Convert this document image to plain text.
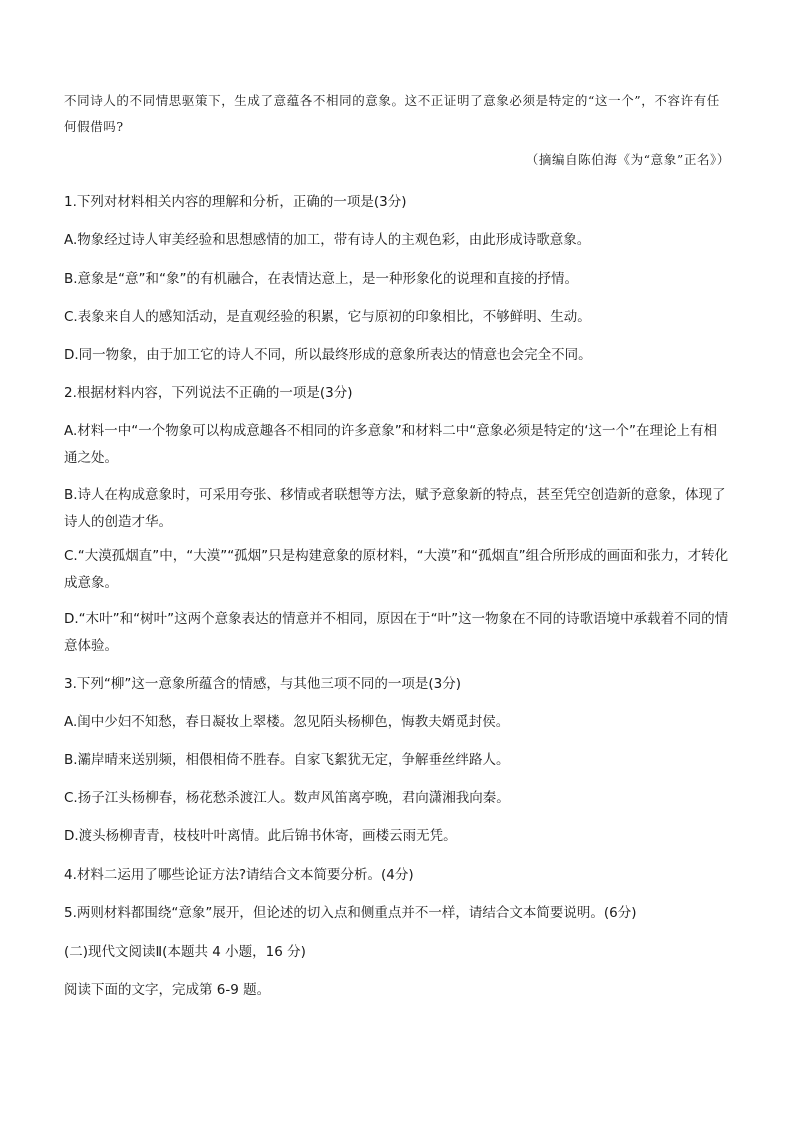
不同诗人的不同情思驱策下，生成了意蕴各不相同的意象。这不正证明了意象必须是特定的“这一个”，不容许有任何假借吗?
（摘编自陈伯海《为“意象”正名》）
1.下列对材料相关内容的理解和分析，正确的一项是(3分)
A.物象经过诗人审美经验和思想感情的加工，带有诗人的主观色彩，由此形成诗歌意象。
B.意象是“意”和“象”的有机融合，在表情达意上，是一种形象化的说理和直接的抒情。
C.表象来自人的感知活动，是直观经验的积累，它与原初的印象相比，不够鲜明、生动。
D.同一物象，由于加工它的诗人不同，所以最终形成的意象所表达的情意也会完全不同。
2.根据材料内容，下列说法不正确的一项是(3分)
A.材料一中“一个物象可以构成意趣各不相同的许多意象”和材料二中“意象必须是特定的‘这一个”在理论上有相通之处。
B.诗人在构成意象时，可采用夸张、移情或者联想等方法，赋予意象新的特点，甚至凭空创造新的意象，体现了诗人的创造才华。
C.“大漠孤烟直”中，“大漠”“孤烟”只是构建意象的原材料，“大漠”和“孤烟直”组合所形成的画面和张力，才转化成意象。
D.“木叶”和“树叶”这两个意象表达的情意并不相同，原因在于“叶”这一物象在不同的诗歌语境中承载着不同的情意体验。
3.下列“柳”这一意象所蕴含的情感，与其他三项不同的一项是(3分)
A.闺中少妇不知愁，春日凝妆上翠楼。忽见陌头杨柳色，悔教夫婿觅封侯。
B.灞岸晴来送别频，相偎相倚不胜春。自家飞絮犹无定，争解垂丝绊路人。
C.扬子江头杨柳春，杨花愁杀渡江人。数声风笛离亭晚，君向潇湘我向秦。
D.渡头杨柳青青，枝枝叶叶离情。此后锦书休寄，画楼云雨无凭。
4.材料二运用了哪些论证方法?请结合文本简要分析。(4分)
5.两则材料都围绕“意象”展开，但论述的切入点和侧重点并不一样，请结合文本简要说明。(6分)
(二)现代文阅读Ⅱ(本题共 4 小题，16 分)
阅读下面的文字，完成第 6-9 题。
